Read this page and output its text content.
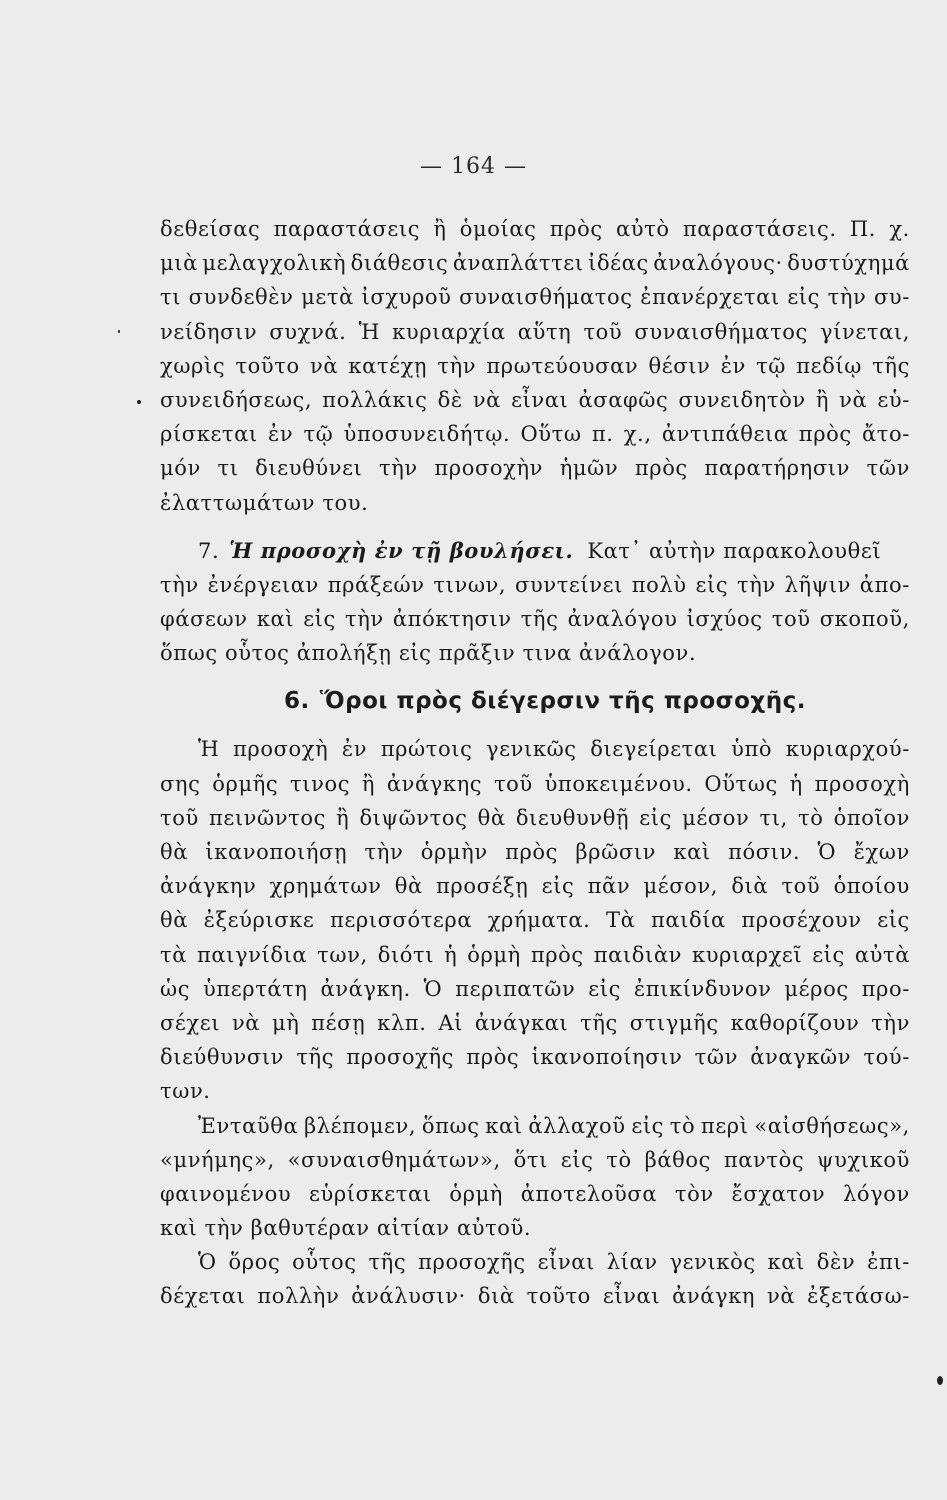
— 164 —
δεθείσας παραστάσεις ἢ ὁμοίας πρὸς αὐτὸ παραστάσεις. Π. χ.
μιὰ μελαγχολικὴ διάθεσις ἀναπλάττει ἰδέας ἀναλόγους· δυστύχημά
τι συνδεθὲν μετὰ ἰσχυροῦ συναισθήματος ἐπανέρχεται εἰς τὴν συ-
νείδησιν συχνά. Ἡ κυριαρχία αὕτη τοῦ συναισθήματος γίνεται,
χωρὶς τοῦτο νὰ κατέχῃ τὴν πρωτεύουσαν θέσιν ἐν τῷ πεδίῳ τῆς
συνειδήσεως, πολλάκις δὲ νὰ εἶναι ἀσαφῶς συνειδητὸν ἢ νὰ εὑ-
ρίσκεται ἐν τῷ ὑποσυνειδήτῳ. Οὕτω π. χ., ἀντιπάθεια πρὸς ἄτο-
μόν τι διευθύνει τὴν προσοχὴν ἡμῶν πρὸς παρατήρησιν τῶν
ἐλαττωμάτων του.
7. Ἡ προσοχὴ ἐν τῇ βουλήσει. Κατ᾿ αὐτὴν παρακολουθεῖ
τὴν ἐνέργειαν πράξεών τινων, συντείνει πολὺ εἰς τὴν λῆψιν ἀπο-
φάσεων καὶ εἰς τὴν ἀπόκτησιν τῆς ἀναλόγου ἰσχύος τοῦ σκοποῦ,
ὅπως οὗτος ἀπολήξῃ εἰς πρᾶξιν τινα ἀνάλογον.
6. Ὅροι πρὸς διέγερσιν τῆς προσοχῆς.
Ἡ προσοχὴ ἐν πρώτοις γενικῶς διεγείρεται ὑπὸ κυριαρχού-
σης ὁρμῆς τινος ἢ ἀνάγκης τοῦ ὑποκειμένου. Οὕτως ἡ προσοχὴ
τοῦ πεινῶντος ἢ διψῶντος θὰ διευθυνθῇ εἰς μέσον τι, τὸ ὁποῖον
θὰ ἱκανοποιήσῃ τὴν ὁρμὴν πρὸς βρῶσιν καὶ πόσιν. Ὁ ἔχων
ἀνάγκην χρημάτων θὰ προσέξῃ εἰς πᾶν μέσον, διὰ τοῦ ὁποίου
θὰ ἐξεύρισκε περισσότερα χρήματα. Τὰ παιδία προσέχουν εἰς
τὰ παιγνίδια των, διότι ἡ ὁρμὴ πρὸς παιδιὰν κυριαρχεῖ εἰς αὐτὰ
ὡς ὑπερτάτη ἀνάγκη. Ὁ περιπατῶν εἰς ἐπικίνδυνον μέρος προ-
σέχει νὰ μὴ πέσῃ κλπ. Αἱ ἀνάγκαι τῆς στιγμῆς καθορίζουν τὴν
διεύθυνσιν τῆς προσοχῆς πρὸς ἱκανοποίησιν τῶν ἀναγκῶν τού-
των.
Ἐνταῦθα βλέπομεν, ὅπως καὶ ἀλλαχοῦ εἰς τὸ περὶ «αἰσθήσεως»,
«μνήμης», «συναισθημάτων», ὅτι εἰς τὸ βάθος παντὸς ψυχικοῦ
φαινομένου εὑρίσκεται ὁρμὴ ἀποτελοῦσα τὸν ἔσχατον λόγον
καὶ τὴν βαθυτέραν αἰτίαν αὐτοῦ.
Ὁ ὅρος οὗτος τῆς προσοχῆς εἶναι λίαν γενικὸς καὶ δὲν ἐπι-
δέχεται πολλὴν ἀνάλυσιν· διὰ τοῦτο εἶναι ἀνάγκη νὰ ἐξετάσω-
